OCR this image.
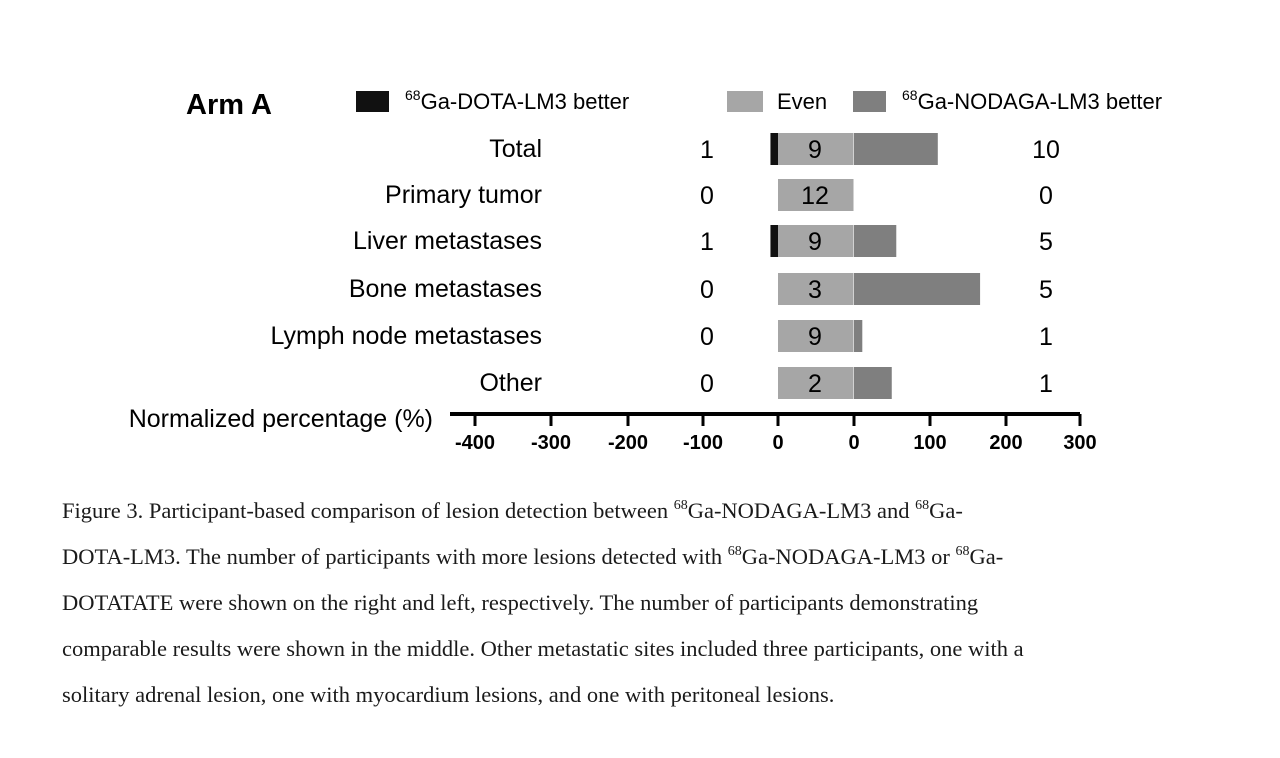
Arm A	$^{68}$Ga-DOTA-LM3 better	Even	$^{68}$Ga-NODAGA-LM3 better
Normalized percentage (%)
-400 -300 -200 -100 0	0	100 200 300
Total	1	9	10
Primary tumor	0	12	0
Liver metastases	1	9	5
Bone metastases	0	3	5
Lymph node metastases	0	9	1
Other	0	2	1

Figure 3. Participant-based comparison of lesion detection between $^{68}$Ga-NODAGA-LM3 and $^{68}$Ga-

DOTA-LM3. The number of participants with more lesions detected with $^{68}$Ga-NODAGA-LM3 or $^{68}$Ga-

DOTATATE were shown on the right and left, respectively. The number of participants demonstrating

comparable results were shown in the middle. Other metastatic sites included three participants, one with a

solitary adrenal lesion, one with myocardium lesions, and one with peritoneal lesions.
